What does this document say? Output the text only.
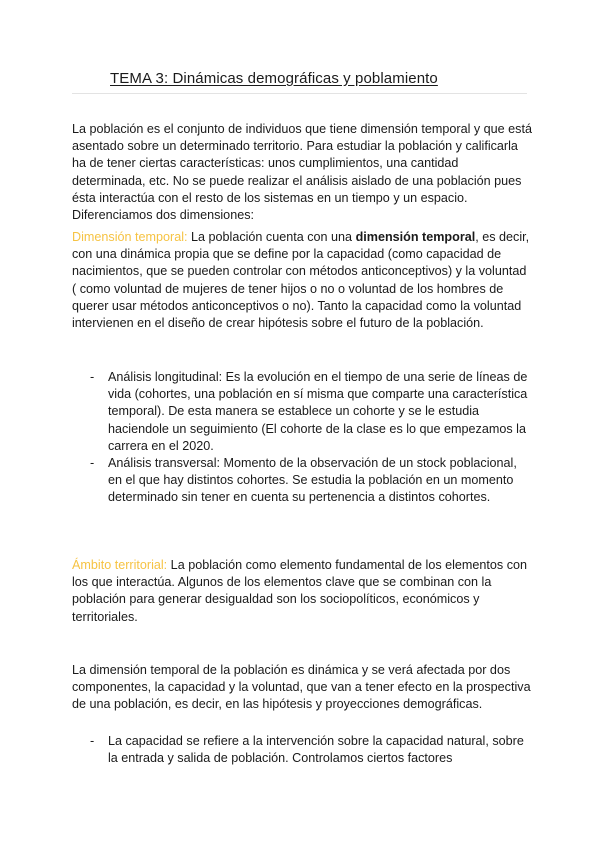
TEMA 3: Dinámicas demográficas y poblamiento

La población es el conjunto de individuos que tiene dimensión temporal y que está asentado sobre un determinado territorio. Para estudiar la población y calificarla ha de tener ciertas características: unos cumplimientos, una cantidad determinada, etc. No se puede realizar el análisis aislado de una población pues ésta interactúa con el resto de los sistemas en un tiempo y un espacio. Diferenciamos dos dimensiones:

Dimensión temporal: La población cuenta con una dimensión temporal, es decir, con una dinámica propia que se define por la capacidad (como capacidad de nacimientos, que se pueden controlar con métodos anticonceptivos) y la voluntad ( como voluntad de mujeres de tener hijos o no o voluntad de los hombres de querer usar métodos anticonceptivos o no). Tanto la capacidad como la voluntad intervienen en el diseño de crear hipótesis sobre el futuro de la población.

- Análisis longitudinal: Es la evolución en el tiempo de una serie de líneas de vida (cohortes, una población en sí misma que comparte una característica temporal). De esta manera se establece un cohorte y se le estudia haciendole un seguimiento (El cohorte de la clase es lo que empezamos la carrera en el 2020.
- Análisis transversal: Momento de la observación de un stock poblacional, en el que hay distintos cohortes. Se estudia la población en un momento determinado sin tener en cuenta su pertenencia a distintos cohortes.

Ámbito territorial: La población como elemento fundamental de los elementos con los que interactúa. Algunos de los elementos clave que se combinan con la población para generar desigualdad son los sociopolíticos, económicos y territoriales.

La dimensión temporal de la población es dinámica y se verá afectada por dos componentes, la capacidad y la voluntad, que van a tener efecto en la prospectiva de una población, es decir, en las hipótesis y proyecciones demográficas.

- La capacidad se refiere a la intervención sobre la capacidad natural, sobre la entrada y salida de población. Controlamos ciertos factores
